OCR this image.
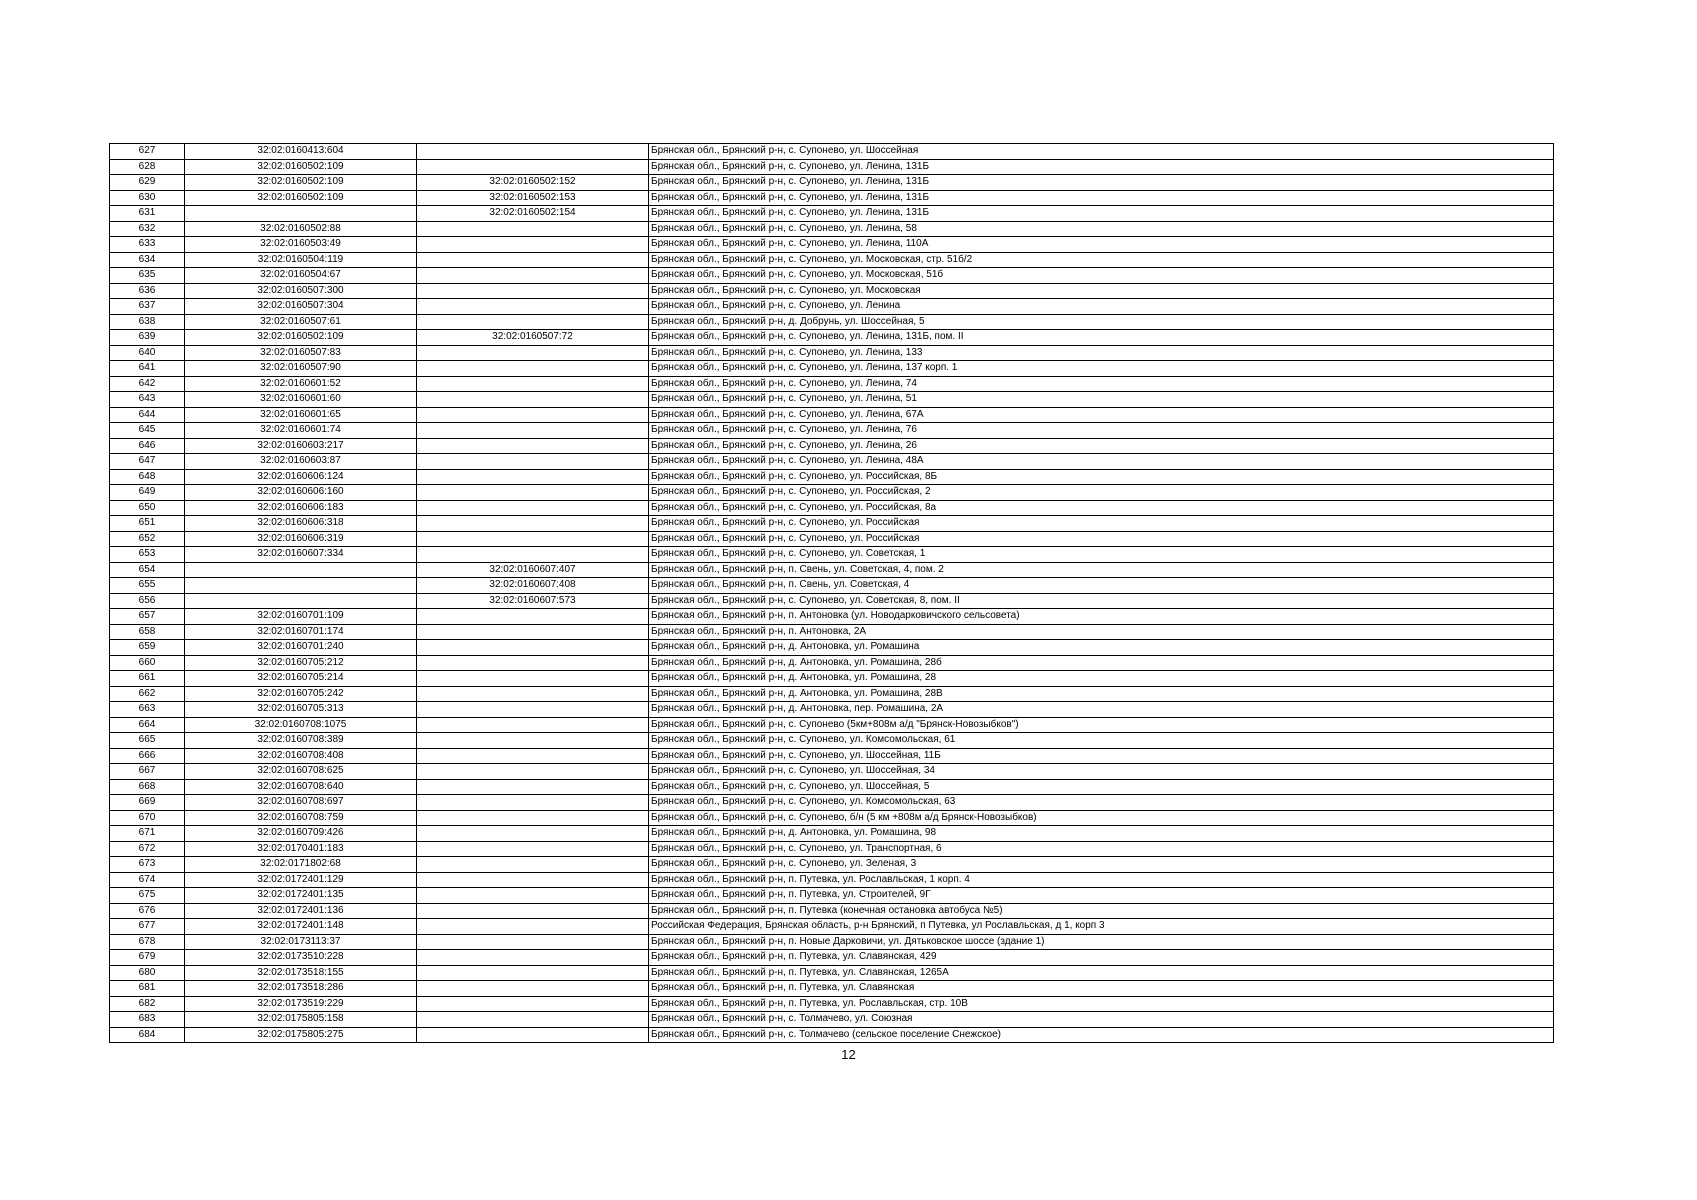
627	32:02:0160413:604		Брянская обл., Брянский р-н, с. Супонево, ул. Шоссейная
628	32:02:0160502:109		Брянская обл., Брянский р-н, с. Супонево, ул. Ленина, 131Б
629	32:02:0160502:109	32:02:0160502:152	Брянская обл., Брянский р-н, с. Супонево, ул. Ленина, 131Б
630	32:02:0160502:109	32:02:0160502:153	Брянская обл., Брянский р-н, с. Супонево, ул. Ленина, 131Б
631		32:02:0160502:154	Брянская обл., Брянский р-н, с. Супонево, ул. Ленина, 131Б
632	32:02:0160502:88		Брянская обл., Брянский р-н, с. Супонево, ул. Ленина, 58
633	32:02:0160503:49		Брянская обл., Брянский р-н, с. Супонево, ул. Ленина, 110А
634	32:02:0160504:119		Брянская обл., Брянский р-н, с. Супонево, ул. Московская, стр. 51б/2
635	32:02:0160504:67		Брянская обл., Брянский р-н, с. Супонево, ул. Московская, 51б
636	32:02:0160507:300		Брянская обл., Брянский р-н, с. Супонево, ул. Московская
637	32:02:0160507:304		Брянская обл., Брянский р-н, с. Супонево, ул. Ленина
638	32:02:0160507:61		Брянская обл., Брянский р-н, д. Добрунь, ул. Шоссейная, 5
639	32:02:0160502:109	32:02:0160507:72	Брянская обл., Брянский р-н, с. Супонево, ул. Ленина, 131Б, пом. II
640	32:02:0160507:83		Брянская обл., Брянский р-н, с. Супонево, ул. Ленина, 133
641	32:02:0160507:90		Брянская обл., Брянский р-н, с. Супонево, ул. Ленина, 137 корп. 1
642	32:02:0160601:52		Брянская обл., Брянский р-н, с. Супонево, ул. Ленина, 74
643	32:02:0160601:60		Брянская обл., Брянский р-н, с. Супонево, ул. Ленина, 51
644	32:02:0160601:65		Брянская обл., Брянский р-н, с. Супонево, ул. Ленина, 67А
645	32:02:0160601:74		Брянская обл., Брянский р-н, с. Супонево, ул. Ленина, 76
646	32:02:0160603:217		Брянская обл., Брянский р-н, с. Супонево, ул. Ленина, 26
647	32:02:0160603:87		Брянская обл., Брянский р-н, с. Супонево, ул. Ленина, 48А
648	32:02:0160606:124		Брянская обл., Брянский р-н, с. Супонево, ул. Российская, 8Б
649	32:02:0160606:160		Брянская обл., Брянский р-н, с. Супонево, ул. Российская, 2
650	32:02:0160606:183		Брянская обл., Брянский р-н, с. Супонево, ул. Российская, 8а
651	32:02:0160606:318		Брянская обл., Брянский р-н, с. Супонево, ул. Российская
652	32:02:0160606:319		Брянская обл., Брянский р-н, с. Супонево, ул. Российская
653	32:02:0160607:334		Брянская обл., Брянский р-н, с. Супонево, ул. Советская, 1
654		32:02:0160607:407	Брянская обл., Брянский р-н, п. Свень, ул. Советская, 4, пом. 2
655		32:02:0160607:408	Брянская обл., Брянский р-н, п. Свень, ул. Советская, 4
656		32:02:0160607:573	Брянская обл., Брянский р-н, с. Супонево, ул. Советская, 8, пом. II
657	32:02:0160701:109		Брянская обл., Брянский р-н, п. Антоновка (ул. Новодарковичского сельсовета)
658	32:02:0160701:174		Брянская обл., Брянский р-н, п. Антоновка, 2А
659	32:02:0160701:240		Брянская обл., Брянский р-н, д. Антоновка, ул. Ромашина
660	32:02:0160705:212		Брянская обл., Брянский р-н, д. Антоновка, ул. Ромашина, 28б
661	32:02:0160705:214		Брянская обл., Брянский р-н, д. Антоновка, ул. Ромашина, 28
662	32:02:0160705:242		Брянская обл., Брянский р-н, д. Антоновка, ул. Ромашина, 28В
663	32:02:0160705:313		Брянская обл., Брянский р-н, д. Антоновка, пер. Ромашина, 2А
664	32:02:0160708:1075		Брянская обл., Брянский р-н, с. Супонево (5км+808м а/д "Брянск-Новозыбков")
665	32:02:0160708:389		Брянская обл., Брянский р-н, с. Супонево, ул. Комсомольская, 61
666	32:02:0160708:408		Брянская обл., Брянский р-н, с. Супонево, ул. Шоссейная, 11Б
667	32:02:0160708:625		Брянская обл., Брянский р-н, с. Супонево, ул. Шоссейная, 34
668	32:02:0160708:640		Брянская обл., Брянский р-н, с. Супонево, ул. Шоссейная, 5
669	32:02:0160708:697		Брянская обл., Брянский р-н, с. Супонево, ул. Комсомольская, 63
670	32:02:0160708:759		Брянская обл., Брянский р-н, с. Супонево, б/н (5 км +808м а/д Брянск-Новозыбков)
671	32:02:0160709:426		Брянская обл., Брянский р-н, д. Антоновка, ул. Ромашина, 98
672	32:02:0170401:183		Брянская обл., Брянский р-н, с. Супонево, ул. Транспортная, 6
673	32:02:0171802:68		Брянская обл., Брянский р-н, с. Супонево, ул. Зеленая, 3
674	32:02:0172401:129		Брянская обл., Брянский р-н, п. Путевка, ул. Рославльская, 1 корп. 4
675	32:02:0172401:135		Брянская обл., Брянский р-н, п. Путевка, ул. Строителей, 9Г
676	32:02:0172401:136		Брянская обл., Брянский р-н, п. Путевка (конечная остановка автобуса №5)
677	32:02:0172401:148		Российская Федерация, Брянская область, р-н Брянский, п Путевка, ул Рославльская, д 1, корп 3
678	32:02:0173113:37		Брянская обл., Брянский р-н, п. Новые Дарковичи, ул. Дятьковское шоссе (здание 1)
679	32:02:0173510:228		Брянская обл., Брянский р-н, п. Путевка, ул. Славянская, 429
680	32:02:0173518:155		Брянская обл., Брянский р-н, п. Путевка, ул. Славянская, 1265А
681	32:02:0173518:286		Брянская обл., Брянский р-н, п. Путевка, ул. Славянская
682	32:02:0173519:229		Брянская обл., Брянский р-н, п. Путевка, ул. Рославльская, стр. 10В
683	32:02:0175805:158		Брянская обл., Брянский р-н, с. Толмачево, ул. Союзная
684	32:02:0175805:275		Брянская обл., Брянский р-н, с. Толмачево (сельское поселение Снежское)
12
